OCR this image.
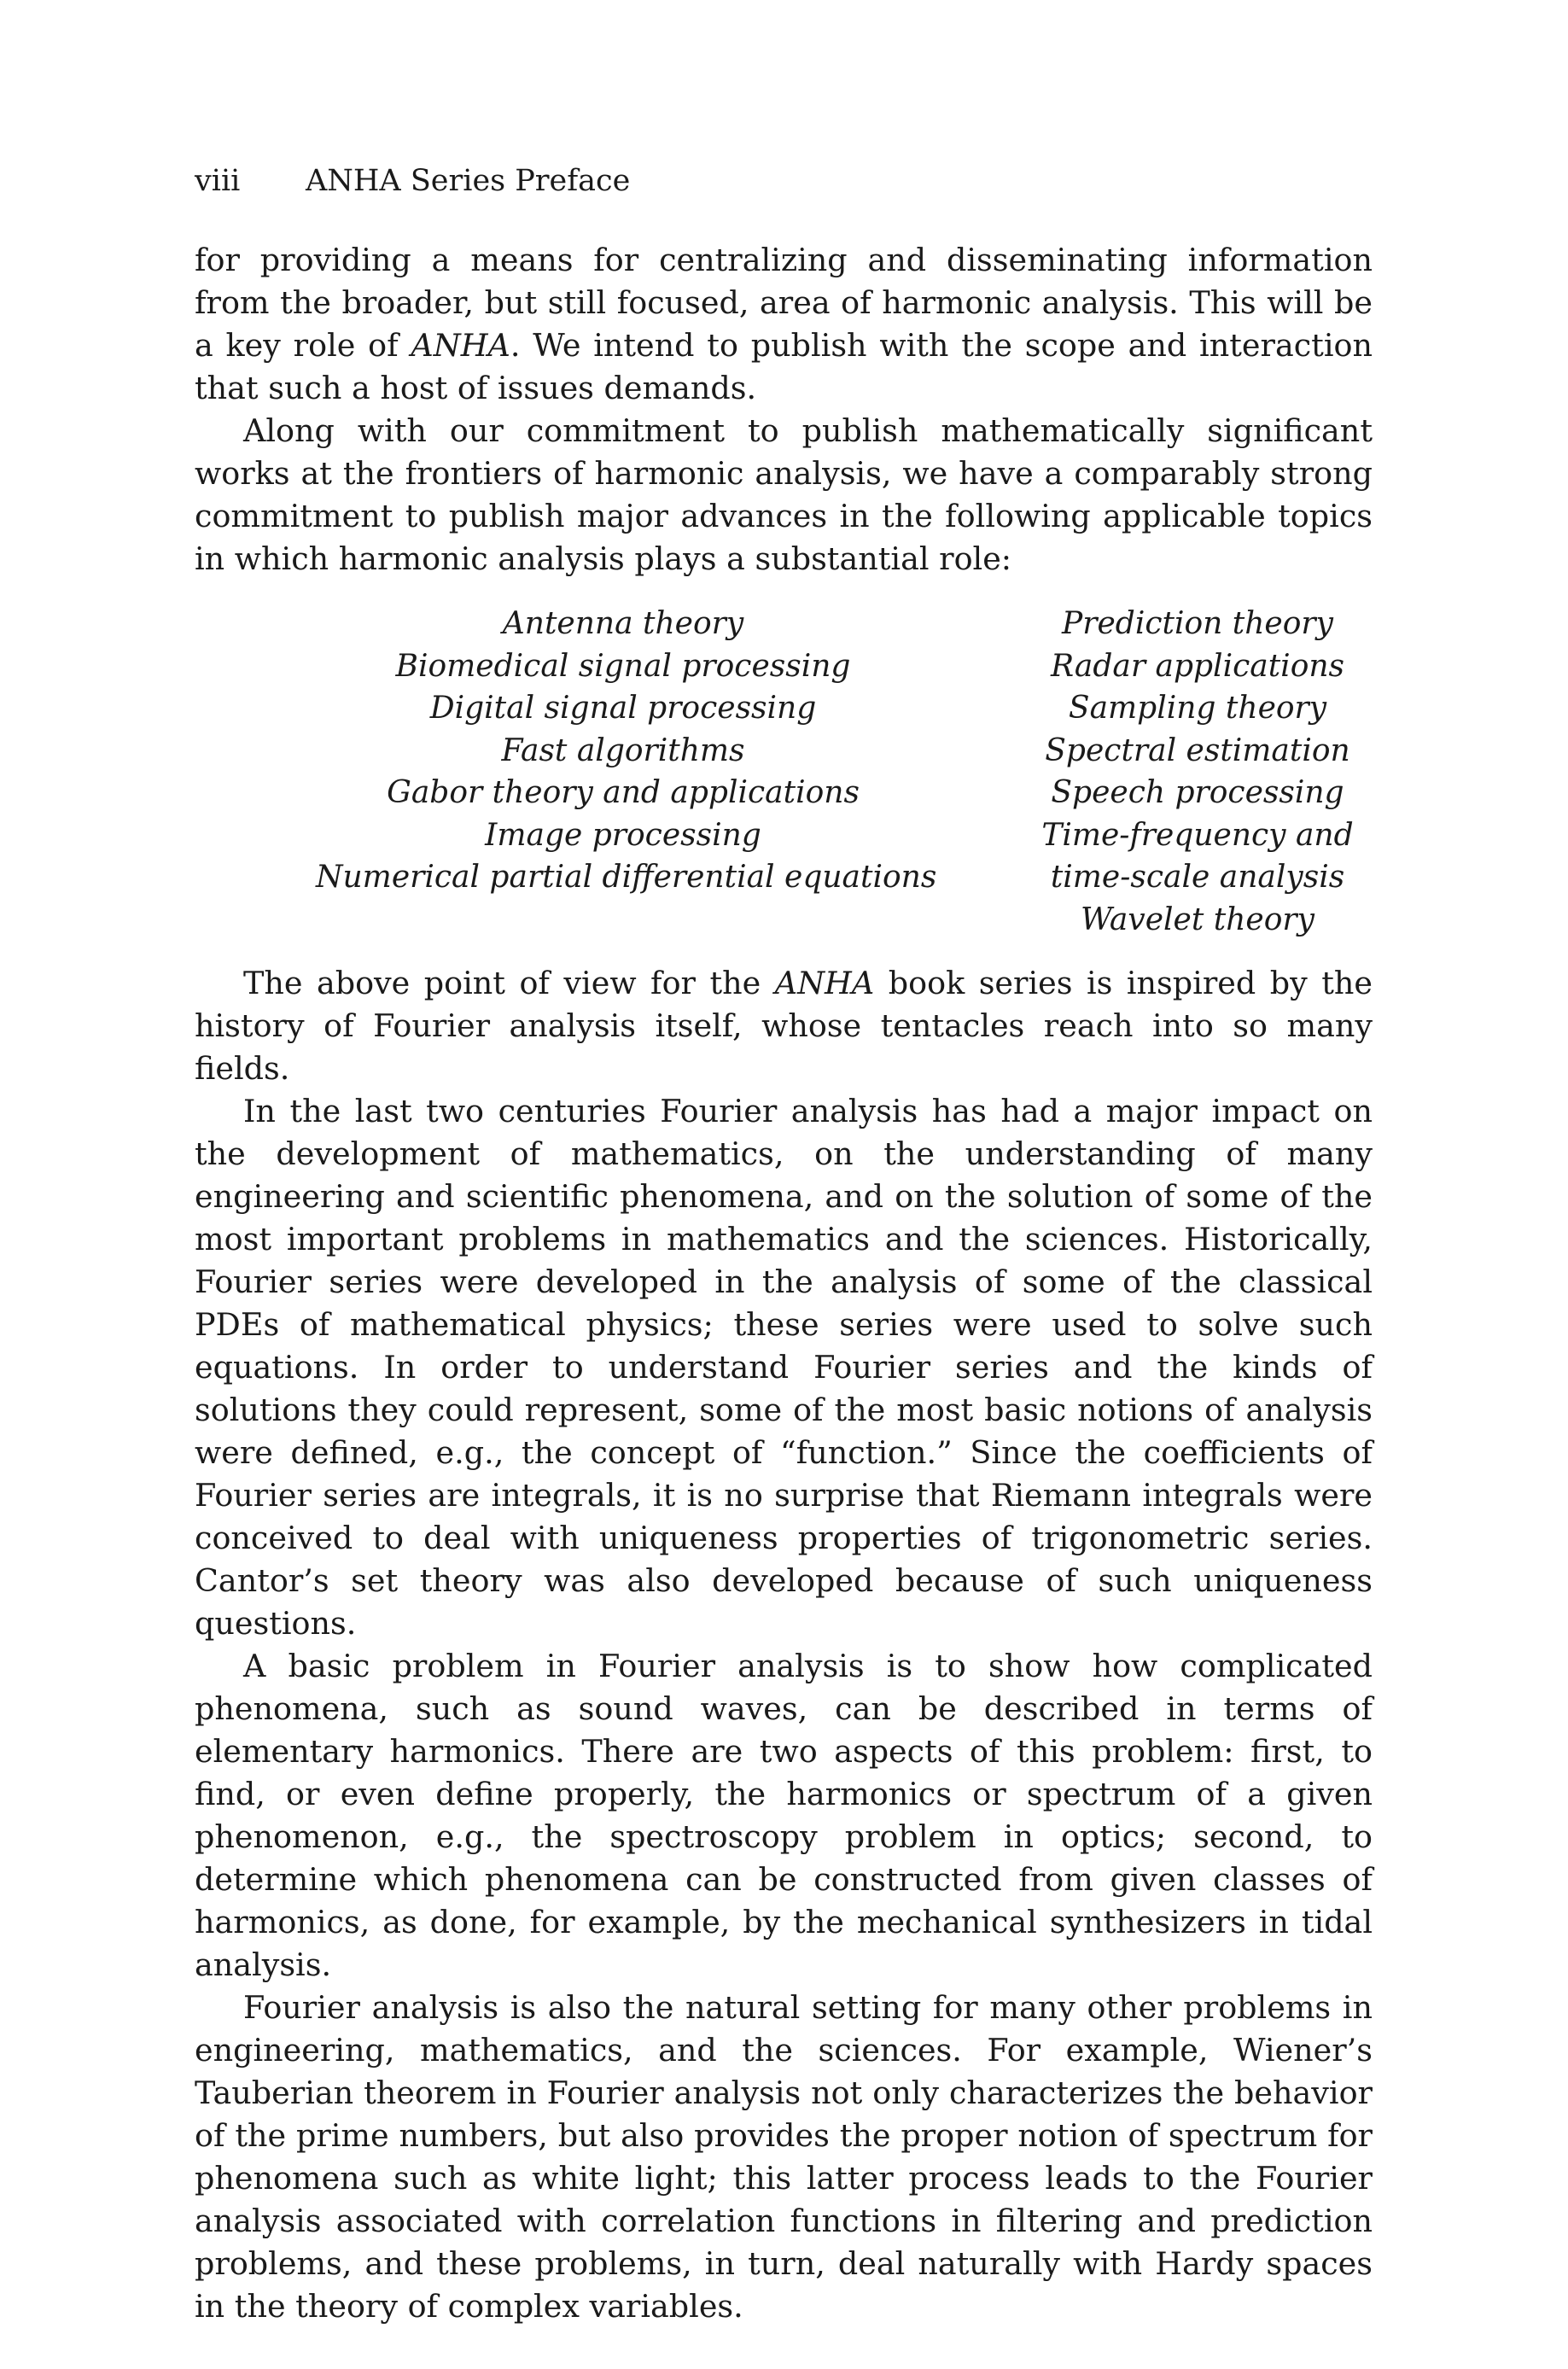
viii ANHA Series Preface

for providing a means for centralizing and disseminating information from the broader, but still focused, area of harmonic analysis. This will be a key role of ANHA. We intend to publish with the scope and interaction that such a host of issues demands.

Along with our commitment to publish mathematically significant works at the frontiers of harmonic analysis, we have a comparably strong commitment to publish major advances in the following applicable topics in which harmonic analysis plays a substantial role:

Antenna theory
Biomedical signal processing
Digital signal processing
Fast algorithms
Gabor theory and applications
Image processing
Numerical partial differential equations
Prediction theory
Radar applications
Sampling theory
Spectral estimation
Speech processing
Time-frequency and
time-scale analysis
Wavelet theory

The above point of view for the ANHA book series is inspired by the history of Fourier analysis itself, whose tentacles reach into so many fields.

In the last two centuries Fourier analysis has had a major impact on the development of mathematics, on the understanding of many engineering and scientific phenomena, and on the solution of some of the most important problems in mathematics and the sciences. Historically, Fourier series were developed in the analysis of some of the classical PDEs of mathematical physics; these series were used to solve such equations. In order to understand Fourier series and the kinds of solutions they could represent, some of the most basic notions of analysis were defined, e.g., the concept of “function.” Since the coefficients of Fourier series are integrals, it is no surprise that Riemann integrals were conceived to deal with uniqueness properties of trigonometric series. Cantor’s set theory was also developed because of such uniqueness questions.

A basic problem in Fourier analysis is to show how complicated phenomena, such as sound waves, can be described in terms of elementary harmonics. There are two aspects of this problem: first, to find, or even define properly, the harmonics or spectrum of a given phenomenon, e.g., the spectroscopy problem in optics; second, to determine which phenomena can be constructed from given classes of harmonics, as done, for example, by the mechanical synthesizers in tidal analysis.

Fourier analysis is also the natural setting for many other problems in engineering, mathematics, and the sciences. For example, Wiener’s Tauberian theorem in Fourier analysis not only characterizes the behavior of the prime numbers, but also provides the proper notion of spectrum for phenomena such as white light; this latter process leads to the Fourier analysis associated with correlation functions in filtering and prediction problems, and these problems, in turn, deal naturally with Hardy spaces in the theory of complex variables.
